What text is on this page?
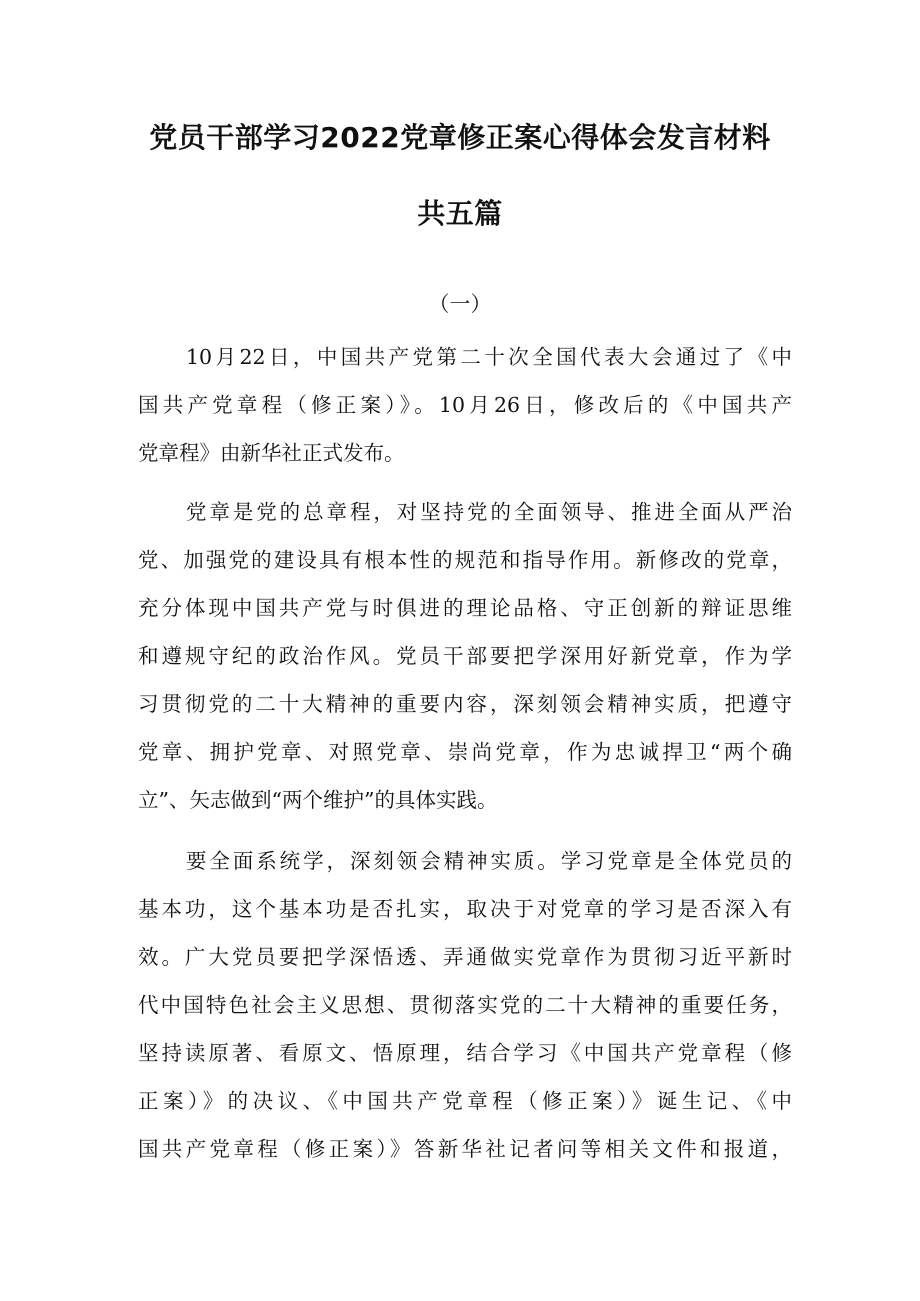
党员干部学习2022党章修正案心得体会发言材料
共五篇
（一）
10月22日，中国共产党第二十次全国代表大会通过了《中
国共产党章程（修正案）》。10月26日，修改后的《中国共产
党章程》由新华社正式发布。
党章是党的总章程，对坚持党的全面领导、推进全面从严治
党、加强党的建设具有根本性的规范和指导作用。新修改的党章，
充分体现中国共产党与时俱进的理论品格、守正创新的辩证思维
和遵规守纪的政治作风。党员干部要把学深用好新党章，作为学
习贯彻党的二十大精神的重要内容，深刻领会精神实质，把遵守
党章、拥护党章、对照党章、崇尚党章，作为忠诚捍卫“两个确
立”、矢志做到“两个维护”的具体实践。
要全面系统学，深刻领会精神实质。学习党章是全体党员的
基本功，这个基本功是否扎实，取决于对党章的学习是否深入有
效。广大党员要把学深悟透、弄通做实党章作为贯彻习近平新时
代中国特色社会主义思想、贯彻落实党的二十大精神的重要任务，
坚持读原著、看原文、悟原理，结合学习《中国共产党章程（修
正案）》的决议、《中国共产党章程（修正案）》诞生记、《中
国共产党章程（修正案）》答新华社记者问等相关文件和报道，
